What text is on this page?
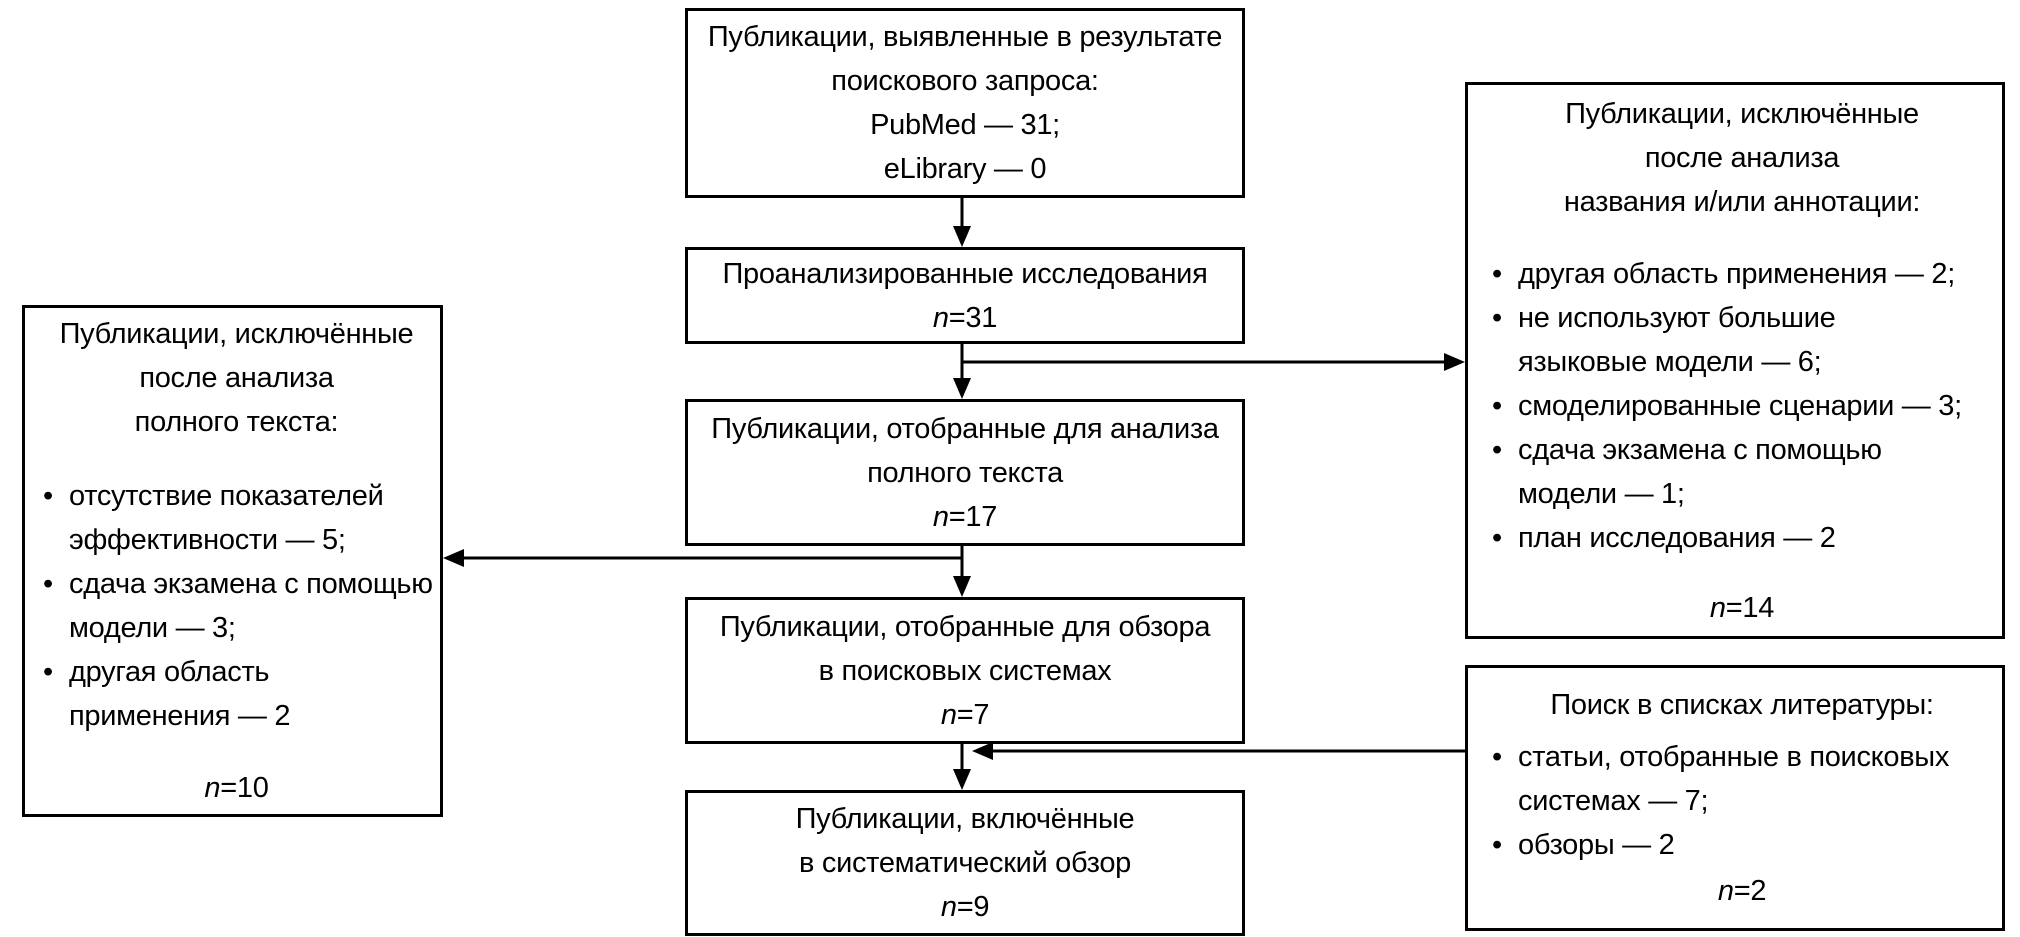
Публикации, выявленные в результате
поискового запроса:
PubMed — 31;
eLibrary — 0
Проанализированные исследования
n=31
Публикации, отобранные для анализа
полного текста
n=17
Публикации, отобранные для обзора
в поисковых системах
n=7
Публикации, включённые
в систематический обзор
n=9
Публикации, исключённые
после анализа
полного текста:
• отсутствие показателей
эффективности — 5;
• сдача экзамена с помощью
модели — 3;
• другая область
применения — 2
n=10
Публикации, исключённые
после анализа
названия и/или аннотации:
• другая область применения — 2;
• не используют большие
языковые модели — 6;
• смоделированные сценарии — 3;
• сдача экзамена с помощью
модели — 1;
• план исследования — 2
n=14
Поиск в списках литературы:
• статьи, отобранные в поисковых
системах — 7;
• обзоры — 2
n=2
